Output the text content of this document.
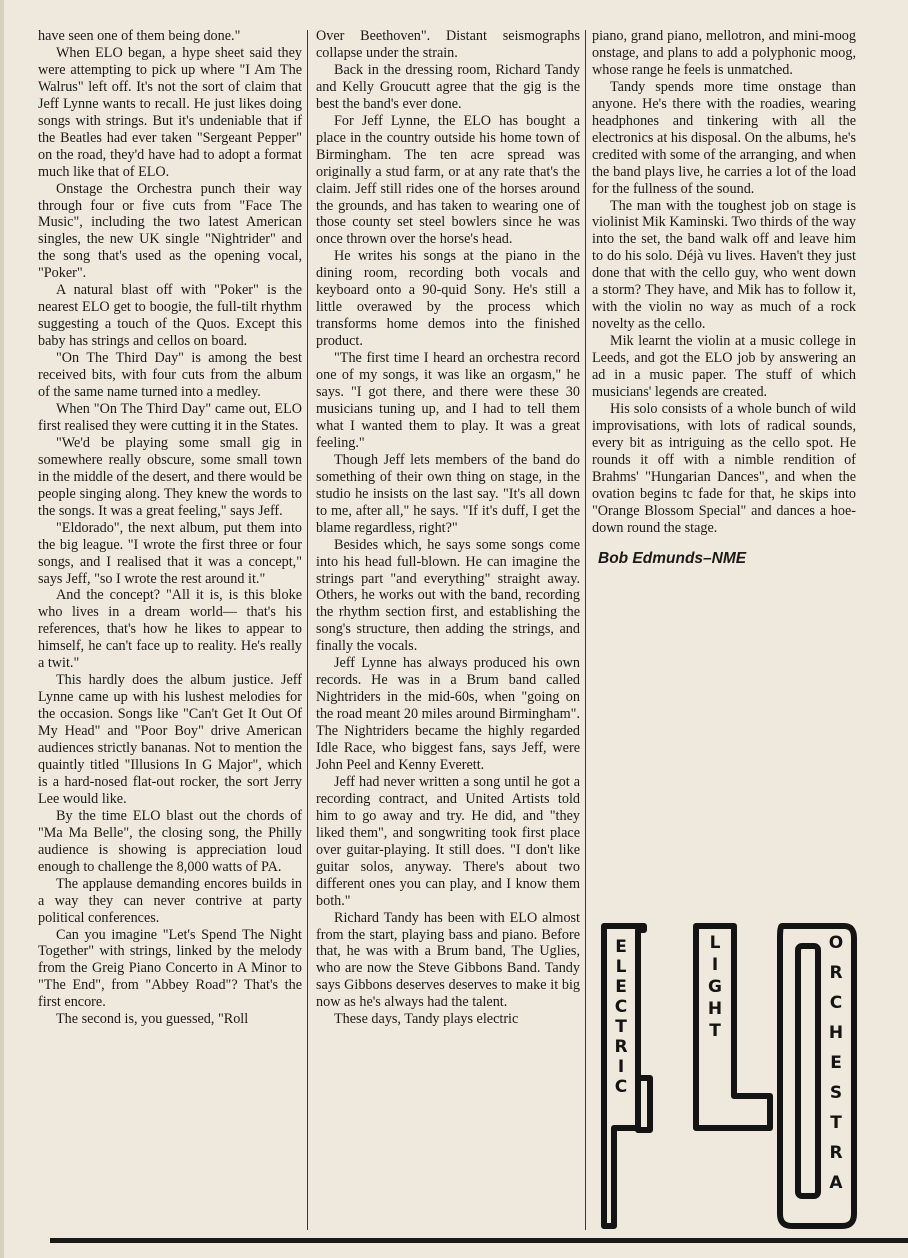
have seen one of them being done."

When ELO began, a hype sheet said they were attempting to pick up where "I Am The Walrus" left off. It's not the sort of claim that Jeff Lynne wants to recall. He just likes doing songs with strings. But it's undeniable that if the Beatles had ever taken "Sergeant Pepper" on the road, they'd have had to adopt a format much like that of ELO.

Onstage the Orchestra punch their way through four or five cuts from "Face The Music", including the two latest American singles, the new UK single "Nightrider" and the song that's used as the opening vocal, "Poker".

A natural blast off with "Poker" is the nearest ELO get to boogie, the full-tilt rhythm suggesting a touch of the Quos. Except this baby has strings and cellos on board.

"On The Third Day" is among the best received bits, with four cuts from the album of the same name turned into a medley.

When "On The Third Day" came out, ELO first realised they were cutting it in the States.

"We'd be playing some small gig in somewhere really obscure, some small town in the middle of the desert, and there would be people singing along. They knew the words to the songs. It was a great feeling," says Jeff.

"Eldorado", the next album, put them into the big league. "I wrote the first three or four songs, and I realised that it was a concept," says Jeff, "so I wrote the rest around it."

And the concept? "All it is, is this bloke who lives in a dream world— that's his references, that's how he likes to appear to himself, he can't face up to reality. He's really a twit."

This hardly does the album justice. Jeff Lynne came up with his lushest melodies for the occasion. Songs like "Can't Get It Out Of My Head" and "Poor Boy" drive American audiences strictly bananas. Not to mention the quaintly titled "Illusions In G Major", which is a hard-nosed flat-out rocker, the sort Jerry Lee would like.

By the time ELO blast out the chords of "Ma Ma Belle", the closing song, the Philly audience is showing is appreciation loud enough to challenge the 8,000 watts of PA.

The applause demanding encores builds in a way they can never contrive at party political conferences.

Can you imagine "Let's Spend The Night Together" with strings, linked by the melody from the Greig Piano Concerto in A Minor to "The End", from "Abbey Road"? That's the first encore.

The second is, you guessed, "Roll

Over Beethoven". Distant seismographs collapse under the strain.

Back in the dressing room, Richard Tandy and Kelly Groucutt agree that the gig is the best the band's ever done.

For Jeff Lynne, the ELO has bought a place in the country outside his home town of Birmingham. The ten acre spread was originally a stud farm, or at any rate that's the claim. Jeff still rides one of the horses around the grounds, and has taken to wearing one of those county set steel bowlers since he was once thrown over the horse's head.

He writes his songs at the piano in the dining room, recording both vocals and keyboard onto a 90-quid Sony. He's still a little overawed by the process which transforms home demos into the finished product.

"The first time I heard an orchestra record one of my songs, it was like an orgasm," he says. "I got there, and there were these 30 musicians tuning up, and I had to tell them what I wanted them to play. It was a great feeling."

Though Jeff lets members of the band do something of their own thing on stage, in the studio he insists on the last say. "It's all down to me, after all," he says. "If it's duff, I get the blame regardless, right?"

Besides which, he says some songs come into his head full-blown. He can imagine the strings part "and everything" straight away. Others, he works out with the band, recording the rhythm section first, and establishing the song's structure, then adding the strings, and finally the vocals.

Jeff Lynne has always produced his own records. He was in a Brum band called Nightriders in the mid-60s, when "going on the road meant 20 miles around Birmingham". The Nightriders became the highly regarded Idle Race, who biggest fans, says Jeff, were John Peel and Kenny Everett.

Jeff had never written a song until he got a recording contract, and United Artists told him to go away and try. He did, and "they liked them", and songwriting took first place over guitar-playing. It still does. "I don't like guitar solos, anyway. There's about two different ones you can play, and I know them both."

Richard Tandy has been with ELO almost from the start, playing bass and piano. Before that, he was with a Brum band, The Uglies, who are now the Steve Gibbons Band. Tandy says Gibbons deserves deserves to make it big now as he's always had the talent.

These days, Tandy plays electric

piano, grand piano, mellotron, and mini-moog onstage, and plans to add a polyphonic moog, whose range he feels is unmatched.

Tandy spends more time onstage than anyone. He's there with the roadies, wearing headphones and tinkering with all the electronics at his disposal. On the albums, he's credited with some of the arranging, and when the band plays live, he carries a lot of the load for the fullness of the sound.

The man with the toughest job on stage is violinist Mik Kaminski. Two thirds of the way into the set, the band walk off and leave him to do his solo. Déjà vu lives. Haven't they just done that with the cello guy, who went down a storm? They have, and Mik has to follow it, with the violin no way as much of a rock novelty as the cello.

Mik learnt the violin at a music college in Leeds, and got the ELO job by answering an ad in a music paper. The stuff of which musicians' legends are created.

His solo consists of a whole bunch of wild improvisations, with lots of radical sounds, every bit as intriguing as the cello spot. He rounds it off with a nimble rendition of Brahms' "Hungarian Dances", and when the ovation begins tc fade for that, he skips into "Orange Blossom Special" and dances a hoe-down round the stage.

Bob Edmunds–NME
E L E C T R I C
L I G H T
O R C H E S T R A
